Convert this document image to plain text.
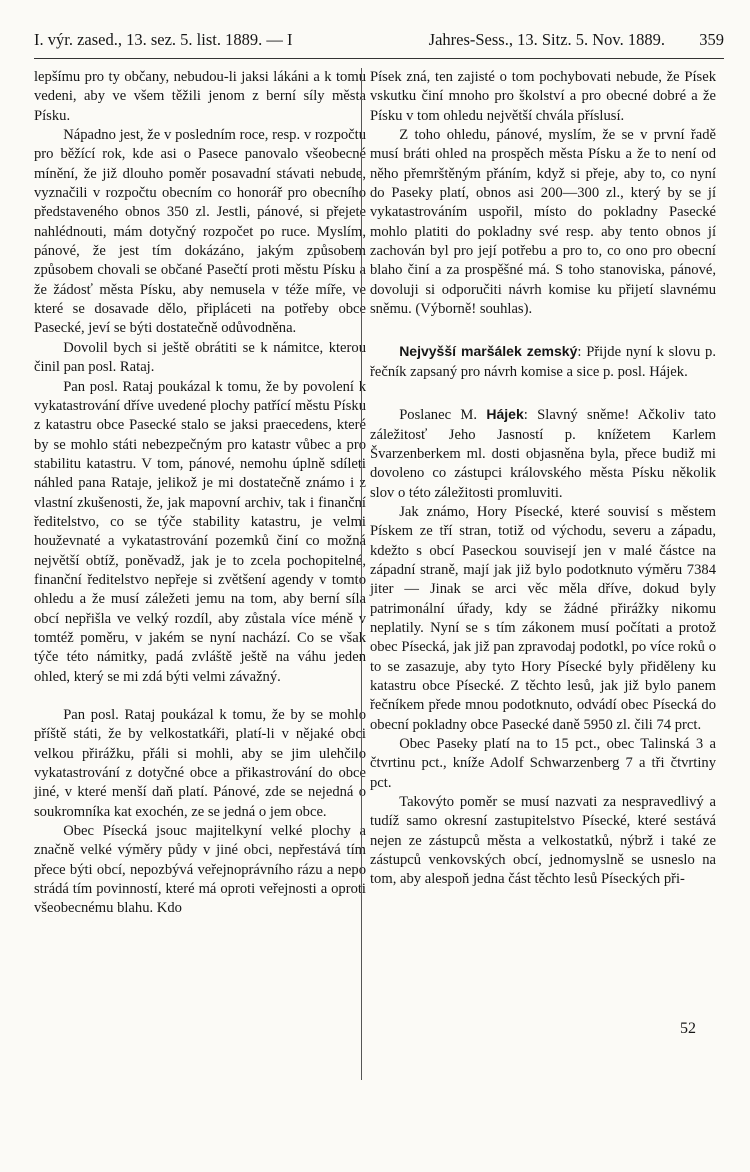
I. výr. zased., 13. sez. 5. list. 1889. — I	Jahres-Sess., 13. Sitz. 5. Nov. 1889. 359

lepšímu pro ty občany, nebudou-li jaksi lákáni a k tomu vedeni, aby ve všem těžili jenom z berní síly města Písku.

Nápadno jest, že v posledním roce, resp. v rozpočtu pro běžící rok, kde asi o Pasece panovalo všeobecné mínění, že již dlouho poměr posavadní stávati nebude, vyznačili v rozpočtu obecním co honorář pro obecního představeného obnos 350 zl. Jestli, pánové, si přejete nahlédnouti, mám dotyčný rozpočet po ruce. Myslím, pánové, že jest tím dokázáno, jakým způsobem způsobem chovali se občané Pasečtí proti městu Písku a že žádosť města Písku, aby nemusela v téže míře, ve které se dosavade dělo, připláceti na potřeby obce Pasecké, jeví se býti dostatečně odůvodněna.

Dovolil bych si ještě obrátiti se k námitce, kterou činil pan posl. Rataj.

Pan posl. Rataj poukázal k tomu, že by povolení k vykatastrování dříve uvedené plochy patřící městu Písku z katastru obce Pasecké stalo se jaksi praecedens, které by se mohlo státi nebezpečným pro katastr vůbec a pro stabilitu katastru. V tom, pánové, nemohu úplně sdíleti náhled pana Rataje, jelikož je mi dostatečně známo i z vlastní zkušenosti, že, jak mapovní archiv, tak i finanční ředitelstvo, co se týče stability katastru, je velmi houževnaté a vykatastrování pozemků činí co možná největší obtíž, poněvadž, jak je to zcela pochopitelné, finanční ředitelstvo nepřeje si zvětšení agendy v tomto ohledu a že musí záležeti jemu na tom, aby berní síla obcí nepřišla ve velký rozdíl, aby zůstala více méně v tomtéž poměru, v jakém se nyní nachází. Co se však týče této námitky, padá zvláště ještě na váhu jeden ohled, který se mi zdá býti velmi závažný.

Pan posl. Rataj poukázal k tomu, že by se mohlo příště státi, že by velkostatkáři, platí-li v nějaké obci velkou přirážku, přáli si mohli, aby se jim ulehčilo vykatastrování z dotyčné obce a přikastrování do obce jiné, v které menší daň platí. Pánové, zde se nejedná o soukromníka kat exochén, ze se jedná o jem obce.

Obec Písecká jsouc majitelkyní velké plochy a značně velké výměry půdy v jiné obci, nepřestává tím přece býti obcí, nepozbývá veřejnoprávního rázu a nepo strádá tím povinností, které má oproti veřejnosti a oproti všeobecnému blahu. Kdo

Písek zná, ten zajisté o tom pochybovati nebude, že Písek vskutku činí mnoho pro školství a pro obecné dobré a že Písku v tom ohledu největší chvála příslusí.

Z toho ohledu, pánové, myslím, že se v první řadě musí bráti ohled na prospěch města Písku a že to není od něho přemrštěným přáním, když si přeje, aby to, co nyní do Paseky platí, obnos asi 200—300 zl., který by se jí vykatastrováním uspořil, místo do pokladny Pasecké mohlo platiti do pokladny své resp. aby tento obnos jí zachován byl pro její potřebu a pro to, co ono pro obecní blaho činí a za prospěšné má. S toho stanoviska, pánové, dovoluji si odporučiti návrh komise ku přijetí slavnému sněmu. (Výborně! souhlas).

Nejvyšší maršálek zemský: Přijde nyní k slovu p. řečník zapsaný pro návrh komise a sice p. posl. Hájek.

Poslanec M. Hájek: Slavný sněme! Ačkoliv tato záležitosť Jeho Jasností p. knížetem Karlem Švarzenberkem ml. dosti objasněna byla, přece budiž mi dovoleno co zástupci královského města Písku několik slov o této záležitosti promluviti.

Jak známo, Hory Písecké, které souvisí s městem Pískem ze tří stran, totiž od východu, severu a západu, kdežto s obcí Paseckou souvisejí jen v malé částce na západní straně, mají jak již bylo podotknuto výměru 7384 jiter — Jinak se arci věc měla dříve, dokud byly patrimonální úřady, kdy se žádné přirážky nikomu neplatily. Nyní se s tím zákonem musí počítati a protož obec Písecká, jak již pan zpravodaj podotkl, po více roků o to se zasazuje, aby tyto Hory Písecké byly přiděleny ku katastru obce Písecké. Z těchto lesů, jak již bylo panem řečníkem přede mnou podotknuto, odvádí obec Písecká do obecní pokladny obce Pasecké daně 5950 zl. čili 74 prct.

Obec Paseky platí na to 15 pct., obec Talinská 3 a čtvrtinu pct., kníže Adolf Schwarzenberg 7 a tři čtvrtiny pct.

Takovýto poměr se musí nazvati za nespravedlivý a tudíž samo okresní zastupitelstvo Písecké, které sestává nejen ze zástupců města a velkostatků, nýbrž i také ze zástupců venkovských obcí, jednomyslně se usneslo na tom, aby alespoň jedna část těchto lesů Píseckých při-

52
